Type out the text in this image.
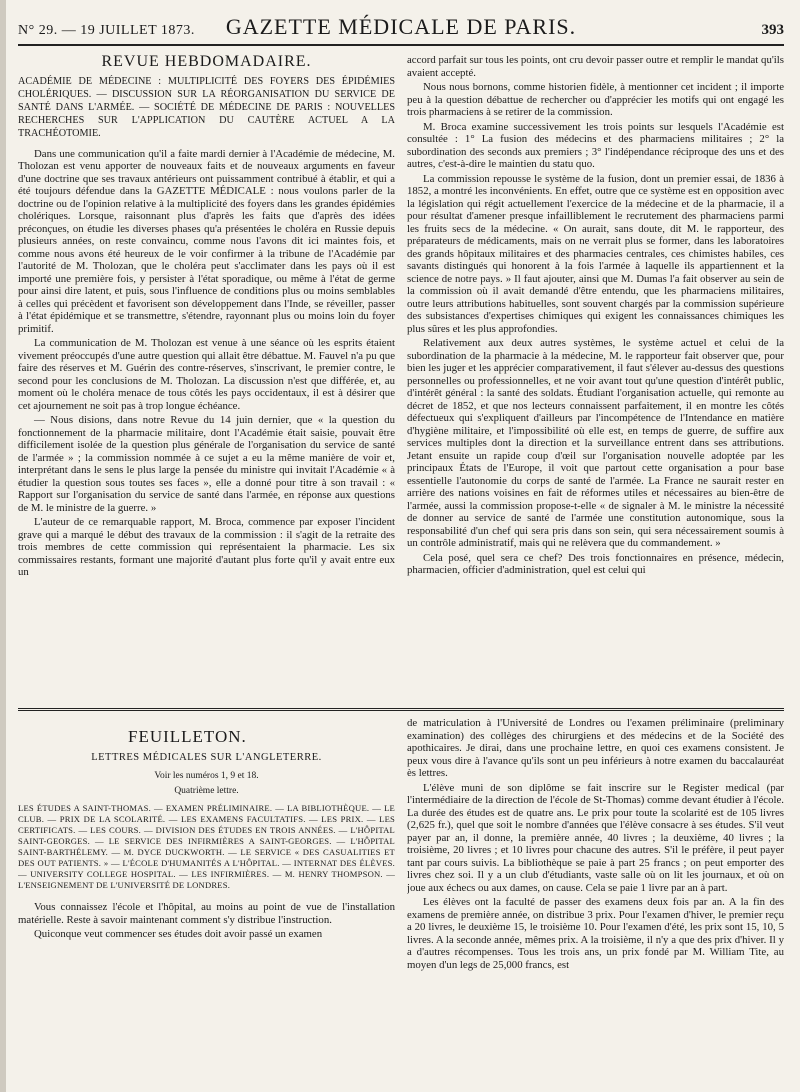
N° 29. — 19 JUILLET 1873.	GAZETTE MÉDICALE DE PARIS.	393
REVUE HEBDOMADAIRE.
ACADÉMIE DE MÉDECINE : MULTIPLICITÉ DES FOYERS DES ÉPIDÉMIES CHOLÉRIQUES. — DISCUSSION SUR LA RÉORGANISATION DU SERVICE DE SANTÉ DANS L'ARMÉE. — SOCIÉTÉ DE MÉDECINE DE PARIS : NOUVELLES RECHERCHES SUR L'APPLICATION DU CAUTÈRE ACTUEL A LA TRACHÉOTOMIE.

Dans une communication qu'il a faite mardi dernier à l'Académie de médecine, M. Tholozan est venu apporter de nouveaux faits et de nouveaux arguments en faveur d'une doctrine que ses travaux antérieurs ont puissamment contribué à établir, et qui a été toujours défendue dans la GAZETTE MÉDICALE : nous voulons parler de la doctrine ou de l'opinion relative à la multiplicité des foyers dans les grandes épidémies cholériques. Lorsque, raisonnant plus d'après les faits que d'après des idées préconçues, on étudie les diverses phases qu'a présentées le choléra en Russie depuis plusieurs années, on reste convaincu, comme nous l'avons dit ici maintes fois, et comme nous avons été heureux de le voir confirmer à la tribune de l'Académie par l'autorité de M. Tholozan, que le choléra peut s'acclimater dans les pays où il est importé une première fois, y persister à l'état sporadique, ou même à l'état de germe pour ainsi dire latent, et puis, sous l'influence de conditions plus ou moins semblables à celles qui précèdent et favorisent son développement dans l'Inde, se réveiller, passer à l'état épidémique et se transmettre, s'étendre, rayonnant plus ou moins loin du foyer primitif.

La communication de M. Tholozan est venue à une séance où les esprits étaient vivement préoccupés d'une autre question qui allait être débattue. M. Fauvel n'a pu que faire des réserves et M. Guérin des contre-réserves, s'inscrivant, le premier contre, le second pour les conclusions de M. Tholozan. La discussion n'est que différée, et, au moment où le choléra menace de tous côtés les pays occidentaux, il est à désirer que cet ajournement ne soit pas à trop longue échéance.

— Nous disions, dans notre Revue du 14 juin dernier, que « la question du fonctionnement de la pharmacie militaire, dont l'Académie était saisie, pouvait être difficilement isolée de la question plus générale de l'organisation du service de santé de l'armée » ; la commission nommée à ce sujet a eu la même manière de voir et, interprétant dans le sens le plus large la pensée du ministre qui invitait l'Académie « à étudier la question sous toutes ses faces », elle a donné pour titre à son travail : « Rapport sur l'organisation du service de santé dans l'armée, en réponse aux questions de M. le ministre de la guerre. »

L'auteur de ce remarquable rapport, M. Broca, commence par exposer l'incident grave qui a marqué le début des travaux de la commission : il s'agit de la retraite des trois membres de cette commission qui représentaient la pharmacie. Les six commissaires restants, formant une majorité d'autant plus forte qu'il y avait entre eux un

accord parfait sur tous les points, ont cru devoir passer outre et remplir le mandat qu'ils avaient accepté.

Nous nous bornons, comme historien fidèle, à mentionner cet incident ; il importe peu à la question débattue de rechercher ou d'apprécier les motifs qui ont engagé les trois pharmaciens à se retirer de la commission.

M. Broca examine successivement les trois points sur lesquels l'Académie est consultée : 1° La fusion des médecins et des pharmaciens militaires ; 2° la subordination des seconds aux premiers ; 3° l'indépendance réciproque des uns et des autres, c'est-à-dire le maintien du statu quo.

La commission repousse le système de la fusion, dont un premier essai, de 1836 à 1852, a montré les inconvénients. En effet, outre que ce système est en opposition avec la législation qui régit actuellement l'exercice de la médecine et de la pharmacie, il a pour résultat d'amener presque infailliblement le recrutement des pharmaciens parmi les fruits secs de la médecine. « On aurait, sans doute, dit M. le rapporteur, des préparateurs de médicaments, mais on ne verrait plus se former, dans les laboratoires des grands hôpitaux militaires et des pharmacies centrales, ces chimistes habiles, ces savants distingués qui honorent à la fois l'armée à laquelle ils appartiennent et la science de notre pays. » Il faut ajouter, ainsi que M. Dumas l'a fait observer au sein de la commission où il avait demandé d'être entendu, que les pharmaciens militaires, outre leurs attributions habituelles, sont souvent chargés par la commission supérieure des subsistances d'expertises chimiques qui exigent les connaissances chimiques les plus sûres et les plus approfondies.

Relativement aux deux autres systèmes, le système actuel et celui de la subordination de la pharmacie à la médecine, M. le rapporteur fait observer que, pour bien les juger et les apprécier comparativement, il faut s'élever au-dessus des questions personnelles ou professionnelles, et ne voir avant tout qu'une question d'intérêt public, d'intérêt général : la santé des soldats. Étudiant l'organisation actuelle, qui remonte au décret de 1852, et que nos lecteurs connaissent parfaitement, il en montre les côtés défectueux qui s'expliquent d'ailleurs par l'incompétence de l'Intendance en matière d'hygiène militaire, et l'impossibilité où elle est, en temps de guerre, de suffire aux services multiples dont la direction et la surveillance entrent dans ses attributions. Jetant ensuite un rapide coup d'œil sur l'organisation nouvelle adoptée par les principaux États de l'Europe, il voit que partout cette organisation a pour base essentielle l'autonomie du corps de santé de l'armée. La France ne saurait rester en arrière des nations voisines en fait de réformes utiles et nécessaires au bien-être de l'armée, aussi la commission propose-t-elle « de signaler à M. le ministre la nécessité de donner au service de santé de l'armée une constitution autonomique, sous la responsabilité d'un chef qui sera pris dans son sein, qui sera nécessairement soumis à un contrôle administratif, mais qui ne relèvera que du commandement. »

Cela posé, quel sera ce chef? Des trois fonctionnaires en présence, médecin, pharmacien, officier d'administration, quel est celui qui

FEUILLETON.
LETTRES MÉDICALES SUR L'ANGLETERRE.
Voir les numéros 1, 9 et 18.
Quatrième lettre.
LES ÉTUDES A SAINT-THOMAS. — EXAMEN PRÉLIMINAIRE. — LA BIBLIOTHÈQUE. — LE CLUB. — PRIX DE LA SCOLARITÉ. — LES EXAMENS FACULTATIFS. — LES PRIX. — LES CERTIFICATS. — LES COURS. — DIVISION DES ÉTUDES EN TROIS ANNÉES. — L'HÔPITAL SAINT-GEORGES. — LE SERVICE DES INFIRMIÈRES A SAINT-GEORGES. — L'HÔPITAL SAINT-BARTHÉLEMY. — M. DYCE DUCKWORTH. — LE SERVICE « DES CASUALITIES ET DES OUT PATIENTS. » — L'ÉCOLE D'HUMANITÉS A L'HÔPITAL. — INTERNAT DES ÉLÈVES. — UNIVERSITY COLLEGE HOSPITAL. — LES INFIRMIÈRES. — M. HENRY THOMPSON. — L'ENSEIGNEMENT DE L'UNIVERSITÉ DE LONDRES.

Vous connaissez l'école et l'hôpital, au moins au point de vue de l'installation matérielle. Reste à savoir maintenant comment s'y distribue l'instruction.

Quiconque veut commencer ses études doit avoir passé un examen

de matriculation à l'Université de Londres ou l'examen préliminaire (preliminary examination) des collèges des chirurgiens et des médecins et de la Société des apothicaires. Je dirai, dans une prochaine lettre, en quoi ces examens consistent. Je peux vous dire à l'avance qu'ils sont un peu inférieurs à notre examen du baccalauréat ès lettres.

L'élève muni de son diplôme se fait inscrire sur le Register medical (par l'intermédiaire de la direction de l'école de St-Thomas) comme devant étudier à l'école. La durée des études est de quatre ans. Le prix pour toute la scolarité est de 105 livres (2,625 fr.), quel que soit le nombre d'années que l'élève consacre à ses études. S'il veut payer par an, il donne, la première année, 40 livres ; la deuxième, 40 livres ; la troisième, 20 livres ; et 10 livres pour chacune des autres. S'il le préfère, il peut payer tant par cours suivis. La bibliothèque se paie à part 25 francs ; on peut emporter des livres chez soi. Il y a un club d'étudiants, vaste salle où on lit les journaux, et où on joue aux échecs ou aux dames, on cause. Cela se paie 1 livre par an à part.

Les élèves ont la faculté de passer des examens deux fois par an. A la fin des examens de première année, on distribue 3 prix. Pour l'examen d'hiver, le premier reçu a 20 livres, le deuxième 15, le troisième 10. Pour l'examen d'été, les prix sont 15, 10, 5 livres. A la seconde année, mêmes prix. A la troisième, il n'y a que des prix d'hiver. Il y a d'autres récompenses. Tous les trois ans, un prix fondé par M. William Tite, au moyen d'un legs de 25,000 francs, est
